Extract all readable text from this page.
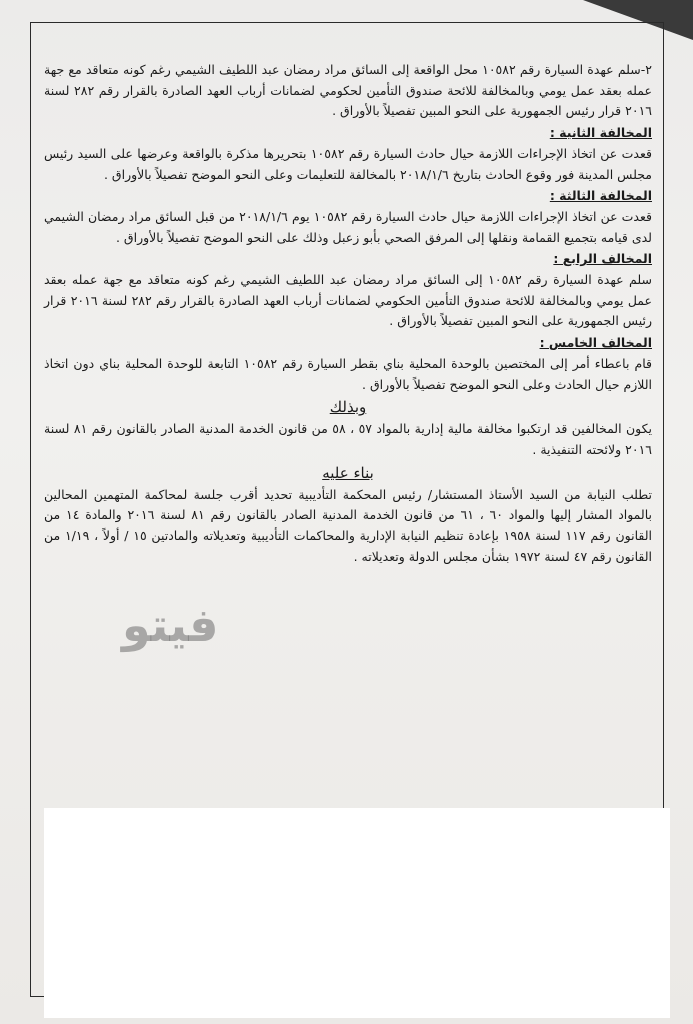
٢-سلم عهدة السيارة رقم ١٠٥٨٢ محل الواقعة إلى السائق مراد رمضان عبد اللطيف الشيمي رغم كونه متعاقد مع جهة عمله بعقد عمل يومي وبالمخالفة للائحة صندوق التأمين لحكومي لضمانات أرباب العهد الصادرة بالقرار رقم ٢٨٢ لسنة ٢٠١٦ قرار رئيس الجمهورية على النحو المبين تفصيلاً بالأوراق .

المخالفة الثانية :

قعدت عن اتخاذ الإجراءات اللازمة حيال حادث السيارة رقم ١٠٥٨٢ بتحريرها مذكرة بالواقعة وعرضها على السيد رئيس مجلس المدينة فور وقوع الحادث بتاريخ ٢٠١٨/١/٦ بالمخالفة للتعليمات وعلى النحو الموضح تفصيلاً بالأوراق .

المخالفة الثالثة :

قعدت عن اتخاذ الإجراءات اللازمة حيال حادث السيارة رقم ١٠٥٨٢ يوم ٢٠١٨/١/٦ من قبل السائق مراد رمضان الشيمي لدى قيامه بتجميع القمامة ونقلها إلى المرفق الصحي بأبو زعبل وذلك على النحو الموضح تفصيلاً بالأوراق .

المخالف الرابع :

سلم عهدة السيارة رقم ١٠٥٨٢ إلى السائق مراد رمضان عبد اللطيف الشيمي رغم كونه متعاقد مع جهة عمله بعقد عمل يومي وبالمخالفة للائحة صندوق التأمين الحكومي لضمانات أرباب العهد الصادرة بالقرار رقم ٢٨٢ لسنة ٢٠١٦ قرار رئيس الجمهورية على النحو المبين تفصيلاً بالأوراق .

المخالف الخامس :

قام باعطاء أمر إلى المختصين بالوحدة المحلية بناي بقطر السيارة رقم ١٠٥٨٢ التابعة للوحدة المحلية بناي دون اتخاذ اللازم حيال الحادث وعلى النحو الموضح تفصيلاً بالأوراق .

وبذلك

يكون المخالفين قد ارتكبوا مخالفة مالية إدارية بالمواد ٥٧ ، ٥٨ من قانون الخدمة المدنية الصادر بالقانون رقم ٨١ لسنة ٢٠١٦ ولائحته التنفيذية .

بناء عليه

تطلب النيابة من السيد الأستاذ المستشار/ رئيس المحكمة التأديبية تحديد أقرب جلسة لمحاكمة المتهمين المحالين بالمواد المشار إليها والمواد ٦٠ ، ٦١ من قانون الخدمة المدنية الصادر بالقانون رقم ٨١ لسنة ٢٠١٦ والمادة ١٤ من القانون رقم ١١٧ لسنة ١٩٥٨ بإعادة تنظيم النيابة الإدارية والمحاكمات التأديبية وتعديلاته والمادتين ١٥ / أولاً ، ١/١٩ من القانون رقم ٤٧ لسنة ١٩٧٢ بشأن مجلس الدولة وتعديلاته .

فيتو
